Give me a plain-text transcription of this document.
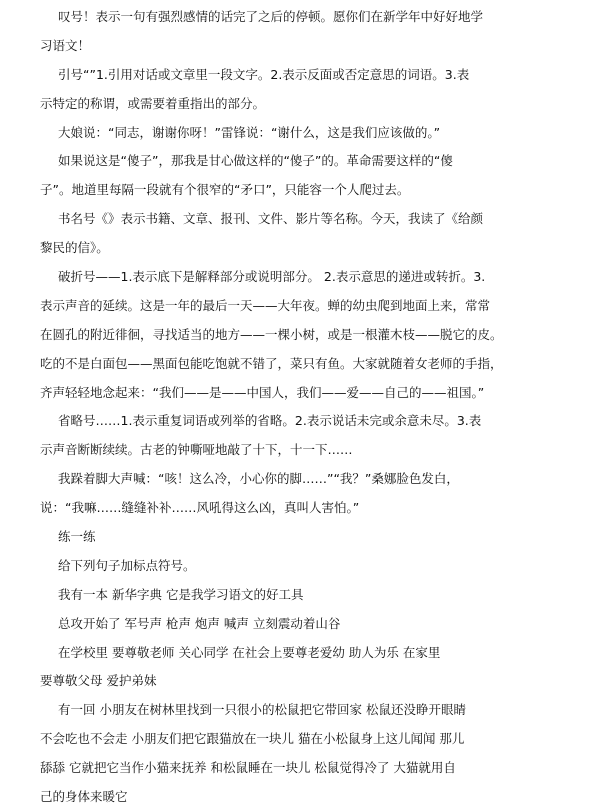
叹号！表示一句有强烈感情的话完了之后的停顿。愿你们在新学年中好好地学
习语文！
引号“”1.引用对话或文章里一段文字。2.表示反面或否定意思的词语。3.表
示特定的称谓，或需要着重指出的部分。
大娘说：“同志，谢谢你呀！”雷锋说：“谢什么，这是我们应该做的。”
如果说这是“傻子”，那我是甘心做这样的“傻子”的。革命需要这样的“傻
子”。地道里每隔一段就有个很窄的“矛口”，只能容一个人爬过去。
书名号《》表示书籍、文章、报刊、文件、影片等名称。今天，我读了《给颜
黎民的信》。
破折号——1.表示底下是解释部分或说明部分。 2.表示意思的递进或转折。3.
表示声音的延续。这是一年的最后一天——大年夜。蝉的幼虫爬到地面上来，常常
在圆孔的附近徘徊，寻找适当的地方——一棵小树，或是一根灌木枝——脱它的皮。
吃的不是白面包——黑面包能吃饱就不错了，菜只有鱼。大家就随着女老师的手指，
齐声轻轻地念起来：“我们——是——中国人，我们——爱——自己的——祖国。”
省略号……1.表示重复词语或列举的省略。2.表示说话未完或余意未尽。3.表
示声音断断续续。古老的钟嘶哑地敲了十下，十一下……
我跺着脚大声喊：“咳！这么冷，小心你的脚……”“我？”桑娜脸色发白，
说：“我嘛……缝缝补补……风吼得这么凶，真叫人害怕。”
练一练
给下列句子加标点符号。
我有一本 新华字典 它是我学习语文的好工具
总攻开始了 军号声 枪声 炮声 喊声 立刻震动着山谷
在学校里 要尊敬老师 关心同学 在社会上要尊老爱幼 助人为乐 在家里
要尊敬父母 爱护弟妹
有一回 小朋友在树林里找到一只很小的松鼠把它带回家 松鼠还没睁开眼睛
不会吃也不会走 小朋友们把它跟猫放在一块儿 猫在小松鼠身上这儿闻闻 那儿
舔舔 它就把它当作小猫来抚养 和松鼠睡在一块儿 松鼠觉得冷了 大猫就用自
己的身体来暖它
